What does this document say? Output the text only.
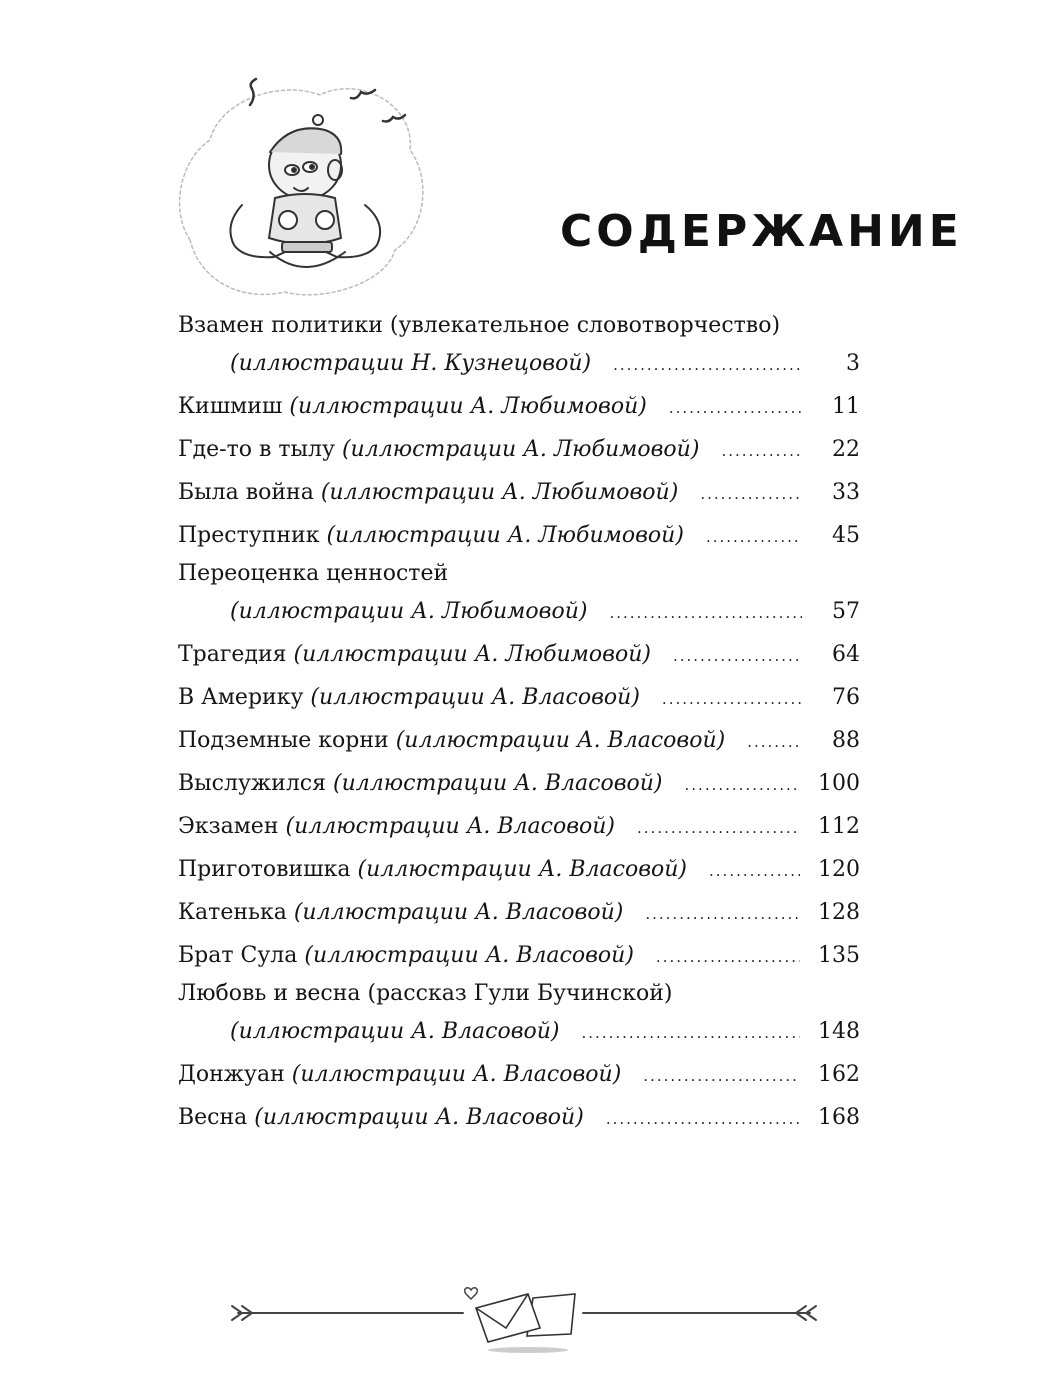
СОДЕРЖАНИЕ
Взамен политики (увлекательное словотворчество)
(иллюстрации Н. Кузнецовой) .....	3
Кишмиш
(иллюстрации А. Любимовой) .....	11
Где-то в тылу
(иллюстрации А. Любимовой) .....	22
Была война
(иллюстрации А. Любимовой) .....	33
Преступник
(иллюстрации А. Любимовой) .....	45
Переоценка ценностей
(иллюстрации А. Любимовой) .....	57
Трагедия
(иллюстрации А. Любимовой) .....	64
В Америку
(иллюстрации А. Власовой) .....	76
Подземные корни
(иллюстрации А. Власовой) .....	88
Выслужился
(иллюстрации А. Власовой) .....	100
Экзамен
(иллюстрации А. Власовой) .....	112
Приготовишка
(иллюстрации А. Власовой) .....	120
Катенька
(иллюстрации А. Власовой) .....	128
Брат Сула
(иллюстрации А. Власовой) .....	135
Любовь и весна (рассказ Гули Бучинской)
(иллюстрации А. Власовой) .....	148
Донжуан
(иллюстрации А. Власовой) .....	162
Весна
(иллюстрации А. Власовой) .....	168
